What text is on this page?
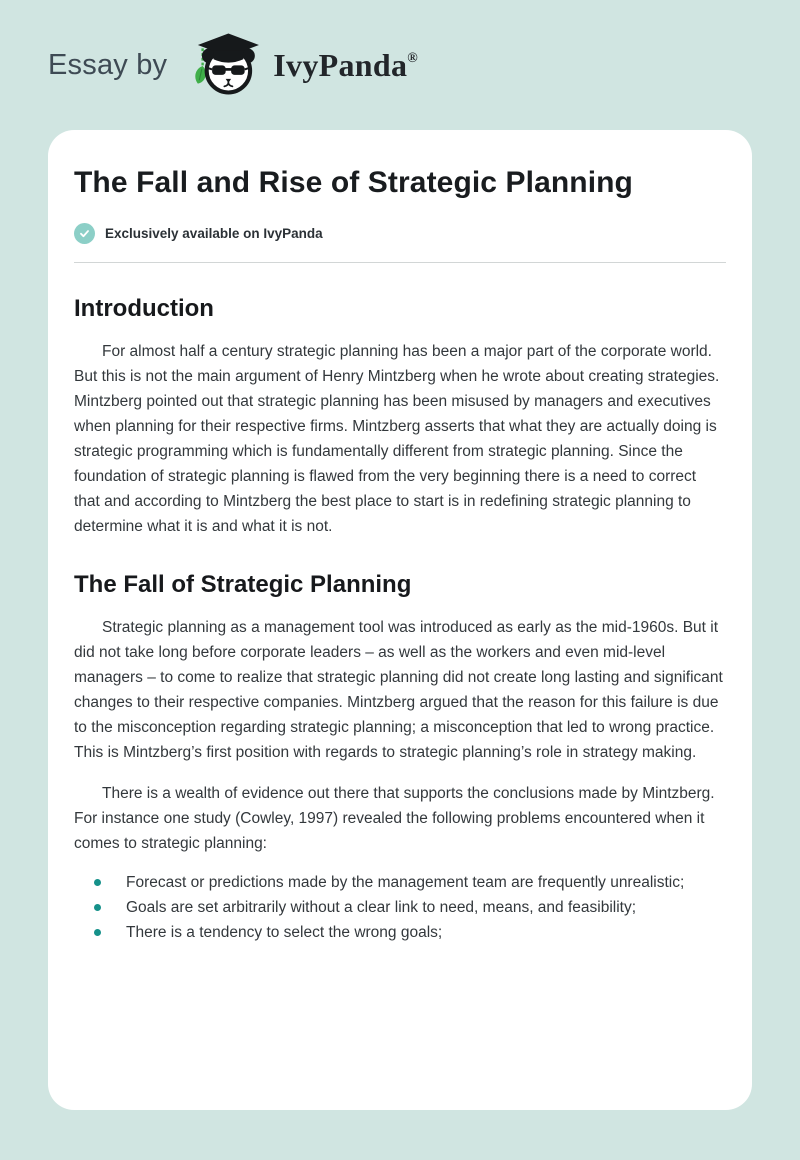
Essay by	IvyPanda®
The Fall and Rise of Strategic Planning
Exclusively available on IvyPanda
Introduction

For almost half a century strategic planning has been a major part of the corporate world. But this is not the main argument of Henry Mintzberg when he wrote about creating strategies. Mintzberg pointed out that strategic planning has been misused by managers and executives when planning for their respective firms. Mintzberg asserts that what they are actually doing is strategic programming which is fundamentally different from strategic planning. Since the foundation of strategic planning is flawed from the very beginning there is a need to correct that and according to Mintzberg the best place to start is in redefining strategic planning to determine what it is and what it is not.

The Fall of Strategic Planning

Strategic planning as a management tool was introduced as early as the mid-1960s. But it did not take long before corporate leaders – as well as the workers and even mid-level managers – to come to realize that strategic planning did not create long lasting and significant changes to their respective companies. Mintzberg argued that the reason for this failure is due to the misconception regarding strategic planning; a misconception that led to wrong practice. This is Mintzberg’s first position with regards to strategic planning’s role in strategy making.

There is a wealth of evidence out there that supports the conclusions made by Mintzberg. For instance one study (Cowley, 1997) revealed the following problems encountered when it comes to strategic planning:

Forecast or predictions made by the management team are frequently unrealistic;
Goals are set arbitrarily without a clear link to need, means, and feasibility;
There is a tendency to select the wrong goals;
